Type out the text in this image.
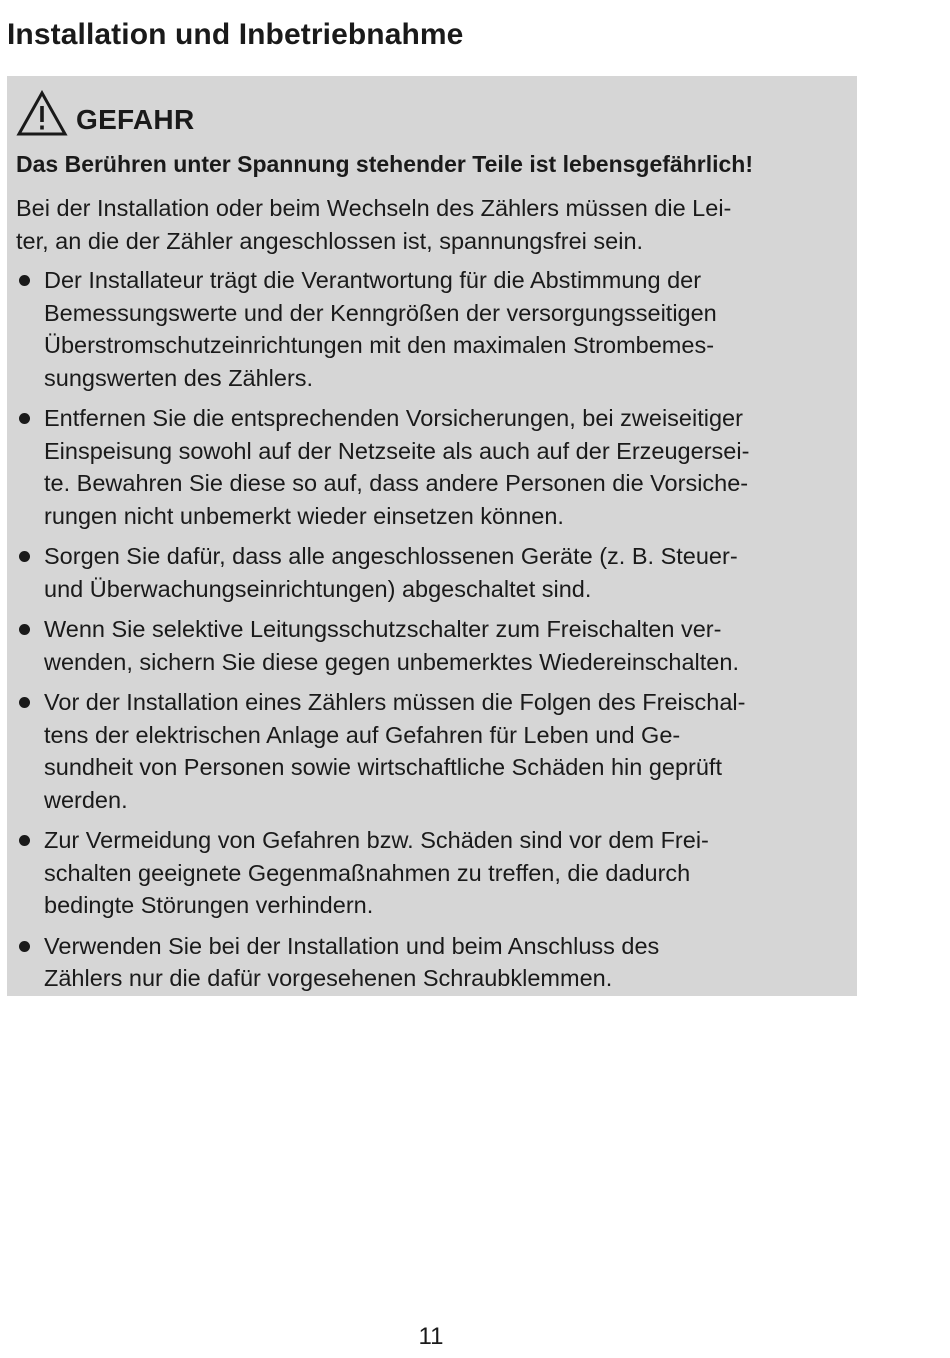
Installation und Inbetriebnahme
GEFAHR

Das Berühren unter Spannung stehender Teile ist lebensgefährlich!

Bei der Installation oder beim Wechseln des Zählers müssen die Lei-
ter, an die der Zähler angeschlossen ist, spannungsfrei sein.

Der Installateur trägt die Verantwortung für die Abstimmung der
Bemessungswerte und der Kenngrößen der versorgungsseitigen
Überstromschutzeinrichtungen mit den maximalen Strombemes-
sungswerten des Zählers.
Entfernen Sie die entsprechenden Vorsicherungen, bei zweiseitiger
Einspeisung sowohl auf der Netzseite als auch auf der Erzeugersei-
te. Bewahren Sie diese so auf, dass andere Personen die Vorsiche-
rungen nicht unbemerkt wieder einsetzen können.
Sorgen Sie dafür, dass alle angeschlossenen Geräte (z. B. Steuer-
und Überwachungseinrichtungen) abgeschaltet sind.
Wenn Sie selektive Leitungsschutzschalter zum Freischalten ver-
wenden, sichern Sie diese gegen unbemerktes Wiedereinschalten.
Vor der Installation eines Zählers müssen die Folgen des Freischal-
tens der elektrischen Anlage auf Gefahren für Leben und Ge-
sundheit von Personen sowie wirtschaftliche Schäden hin geprüft
werden.
Zur Vermeidung von Gefahren bzw. Schäden sind vor dem Frei-
schalten geeignete Gegenmaßnahmen zu treffen, die dadurch
bedingte Störungen verhindern.
Verwenden Sie bei der Installation und beim Anschluss des
Zählers nur die dafür vorgesehenen Schraubklemmen.
11
